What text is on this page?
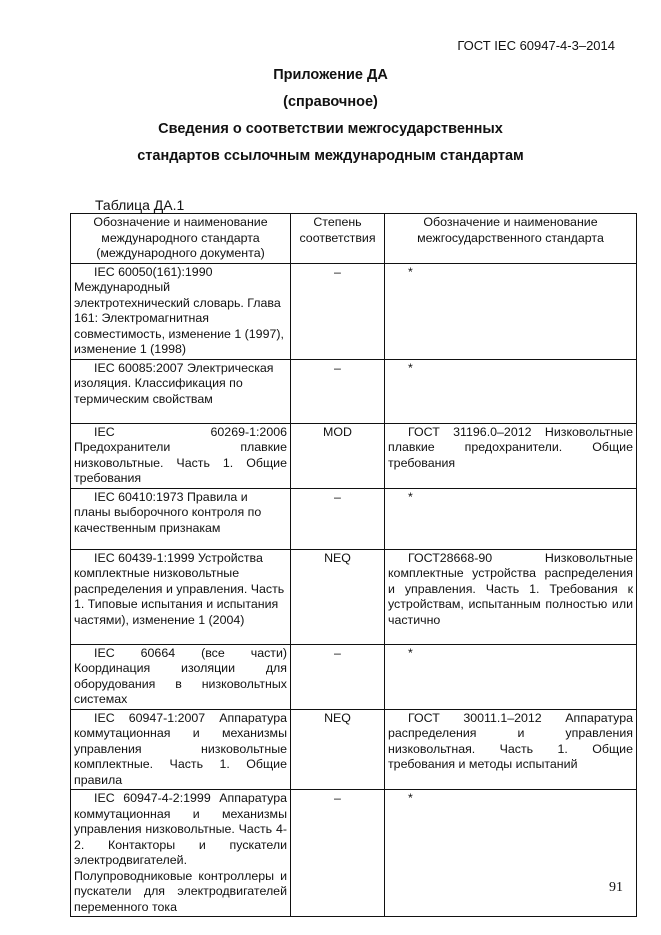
ГОСТ IEC 60947-4-3–2014
Приложение ДА
(справочное)
Сведения о соответствии межгосударственных
стандартов ссылочным международным стандартам
Таблица ДА.1
Обозначение и наименование международного стандарта (международного документа)	Степень соответствия	Обозначение и наименование межгосударственного стандарта

IEC 60050(161):1990 Международный электротехнический словарь. Глава 161: Электромагнитная совместимость, изменение 1 (1997), изменение 1 (1998)	–	*

IEC 60085:2007 Электрическая изоляция. Классификация по термическим свойствам	–	*

IEC 60269-1:2006 Предохранители плавкие низковольтные. Часть 1. Общие требования	MOD	ГОСТ 31196.0–2012 Низковольтные плавкие предохранители. Общие требования

IEC 60410:1973 Правила и планы выборочного контроля по качественным признакам	–	*

IEC 60439-1:1999 Устройства комплектные низковольтные распределения и управления. Часть 1. Типовые испытания и испытания частями), изменение 1 (2004)	NEQ	ГОСТ28668-90 Низковольтные комплектные устройства распределения и управления. Часть 1. Требования к устройствам, испытанным полностью или частично

IEC 60664 (все части) Координация изоляции для оборудования в низковольтных системах	–	*

IEC 60947-1:2007 Аппаратура коммутационная и механизмы управления низковольтные комплектные. Часть 1. Общие правила	NEQ	ГОСТ 30011.1–2012 Аппаратура распределения и управления низковольтная. Часть 1. Общие требования и методы испытаний

IEC 60947-4-2:1999 Аппаратура коммутационная и механизмы управления низковольтные. Часть 4-2. Контакторы и пускатели электродвигателей. Полупроводниковые контроллеры и пускатели для электродвигателей переменного тока	–	*
91
